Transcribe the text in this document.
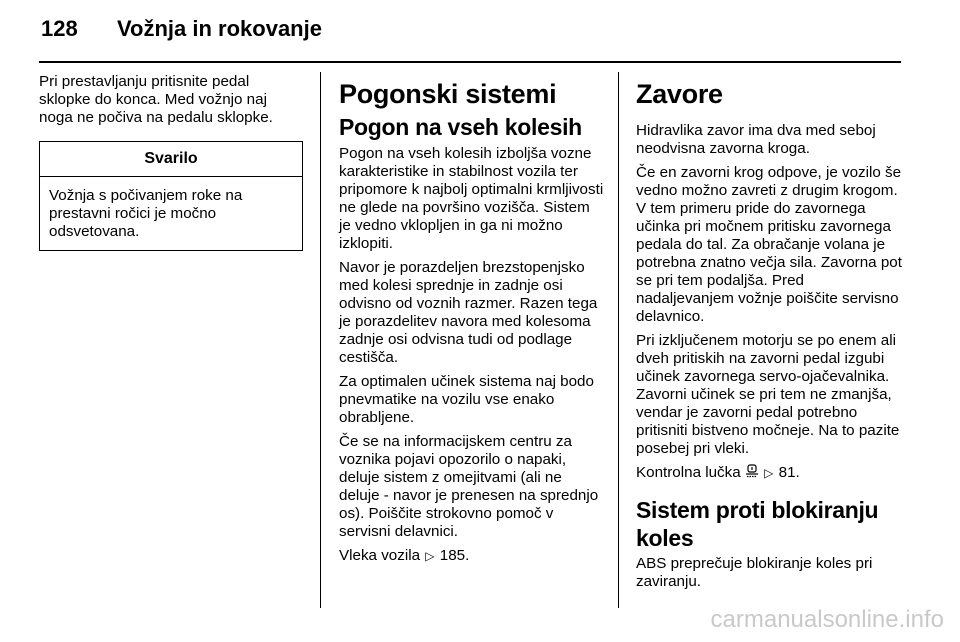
128 Vožnja in rokovanje

Pri prestavljanju pritisnite pedal sklopke do konca. Med vožnjo naj noga ne počiva na pedalu sklopke.

Svarilo
Vožnja s počivanjem roke na prestavni ročici je močno odsvetovana.
Pogonski sistemi
Pogon na vseh kolesih

Pogon na vseh kolesih izboljša vozne karakteristike in stabilnost vozila ter pripomore k najbolj optimalni krmljivosti ne glede na površino vozišča. Sistem je vedno vklopljen in ga ni možno izklopiti.

Navor je porazdeljen brezstopenjsko med kolesi sprednje in zadnje osi odvisno od voznih razmer. Razen tega je porazdelitev navora med kolesoma zadnje osi odvisna tudi od podlage cestišča.

Za optimalen učinek sistema naj bodo pnevmatike na vozilu vse enako obrabljene.

Če se na informacijskem centru za voznika pojavi opozorilo o napaki, deluje sistem z omejitvami (ali ne deluje - navor je prenesen na sprednjo os). Poiščite strokovno pomoč v servisni delavnici.

Vleka vozila ▷ 185.

Zavore

Hidravlika zavor ima dva med seboj neodvisna zavorna kroga.

Če en zavorni krog odpove, je vozilo še vedno možno zavreti z drugim krogom. V tem primeru pride do zavornega učinka pri močnem pritisku zavornega pedala do tal. Za obračanje volana je potrebna znatno večja sila. Zavorna pot se pri tem podaljša. Pred nadaljevanjem vožnje poiščite servisno delavnico.

Pri izključenem motorju se po enem ali dveh pritiskih na zavorni pedal izgubi učinek zavornega servo-ojačevalnika. Zavorni učinek se pri tem ne zmanjša, vendar je zavorni pedal potrebno pritisniti bistveno močneje. Na to pazite posebej pri vleki.

Kontrolna lučka ▷ 81.

Sistem proti blokiranju koles

ABS preprečuje blokiranje koles pri zaviranju.

carmanualsonline.info
